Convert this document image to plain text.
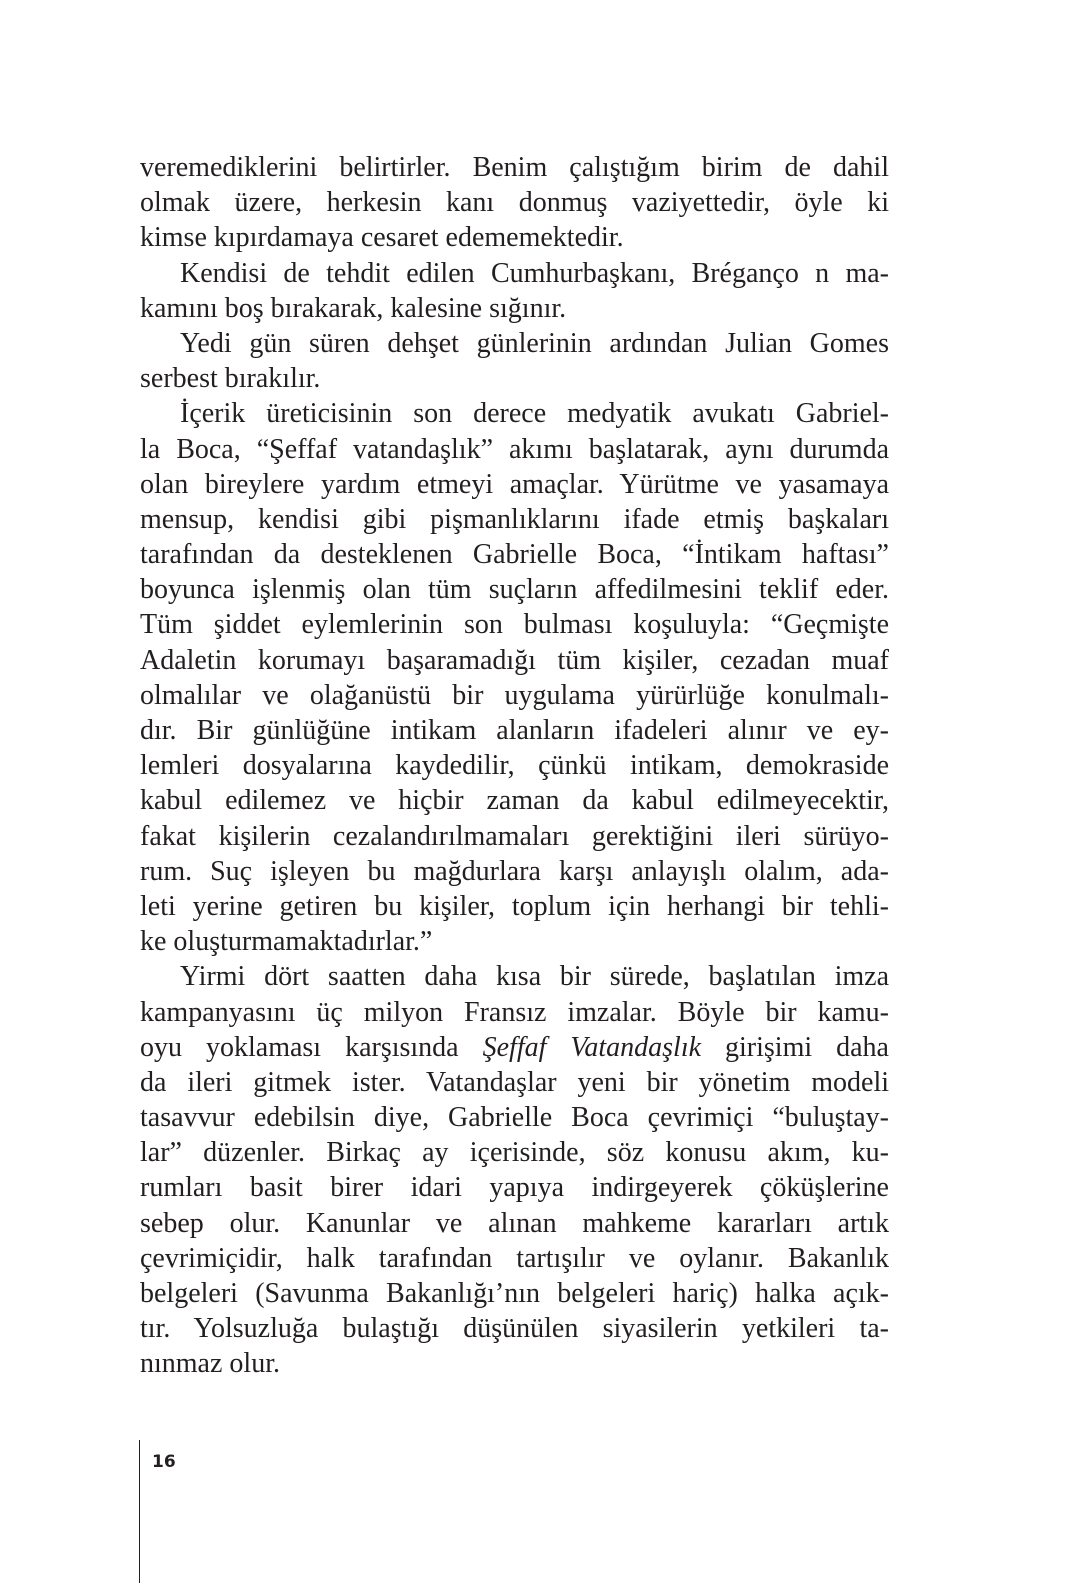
veremediklerini belirtirler. Benim çalıştığım birim de dahil
olmak üzere, herkesin kanı donmuş vaziyettedir, öyle ki
kimse kıpırdamaya cesaret edememektedir.
Kendisi de tehdit edilen Cumhurbaşkanı, Bréganço n ma-
kamını boş bırakarak, kalesine sığınır.
Yedi gün süren dehşet günlerinin ardından Julian Gomes
serbest bırakılır.
İçerik üreticisinin son derece medyatik avukatı Gabriel-
la Boca, “Şeffaf vatandaşlık” akımı başlatarak, aynı durumda
olan bireylere yardım etmeyi amaçlar. Yürütme ve yasamaya
mensup, kendisi gibi pişmanlıklarını ifade etmiş başkaları
tarafından da desteklenen Gabrielle Boca, “İntikam haftası”
boyunca işlenmiş olan tüm suçların affedilmesini teklif eder.
Tüm şiddet eylemlerinin son bulması koşuluyla: “Geçmişte
Adaletin korumayı başaramadığı tüm kişiler, cezadan muaf
olmalılar ve olağanüstü bir uygulama yürürlüğe konulmalı-
dır. Bir günlüğüne intikam alanların ifadeleri alınır ve ey-
lemleri dosyalarına kaydedilir, çünkü intikam, demokraside
kabul edilemez ve hiçbir zaman da kabul edilmeyecektir,
fakat kişilerin cezalandırılmamaları gerektiğini ileri sürüyo-
rum. Suç işleyen bu mağdurlara karşı anlayışlı olalım, ada-
leti yerine getiren bu kişiler, toplum için herhangi bir tehli-
ke oluşturmamaktadırlar.”
Yirmi dört saatten daha kısa bir sürede, başlatılan imza
kampanyasını üç milyon Fransız imzalar. Böyle bir kamu-
oyu yoklaması karşısında Şeffaf Vatandaşlık girişimi daha
da ileri gitmek ister. Vatandaşlar yeni bir yönetim modeli
tasavvur edebilsin diye, Gabrielle Boca çevrimiçi “buluştay-
lar” düzenler. Birkaç ay içerisinde, söz konusu akım, ku-
rumları basit birer idari yapıya indirgeyerek çöküşlerine
sebep olur. Kanunlar ve alınan mahkeme kararları artık
çevrimiçidir, halk tarafından tartışılır ve oylanır. Bakanlık
belgeleri (Savunma Bakanlığı’nın belgeleri hariç) halka açık-
tır. Yolsuzluğa bulaştığı düşünülen siyasilerin yetkileri ta-
nınmaz olur.
16
